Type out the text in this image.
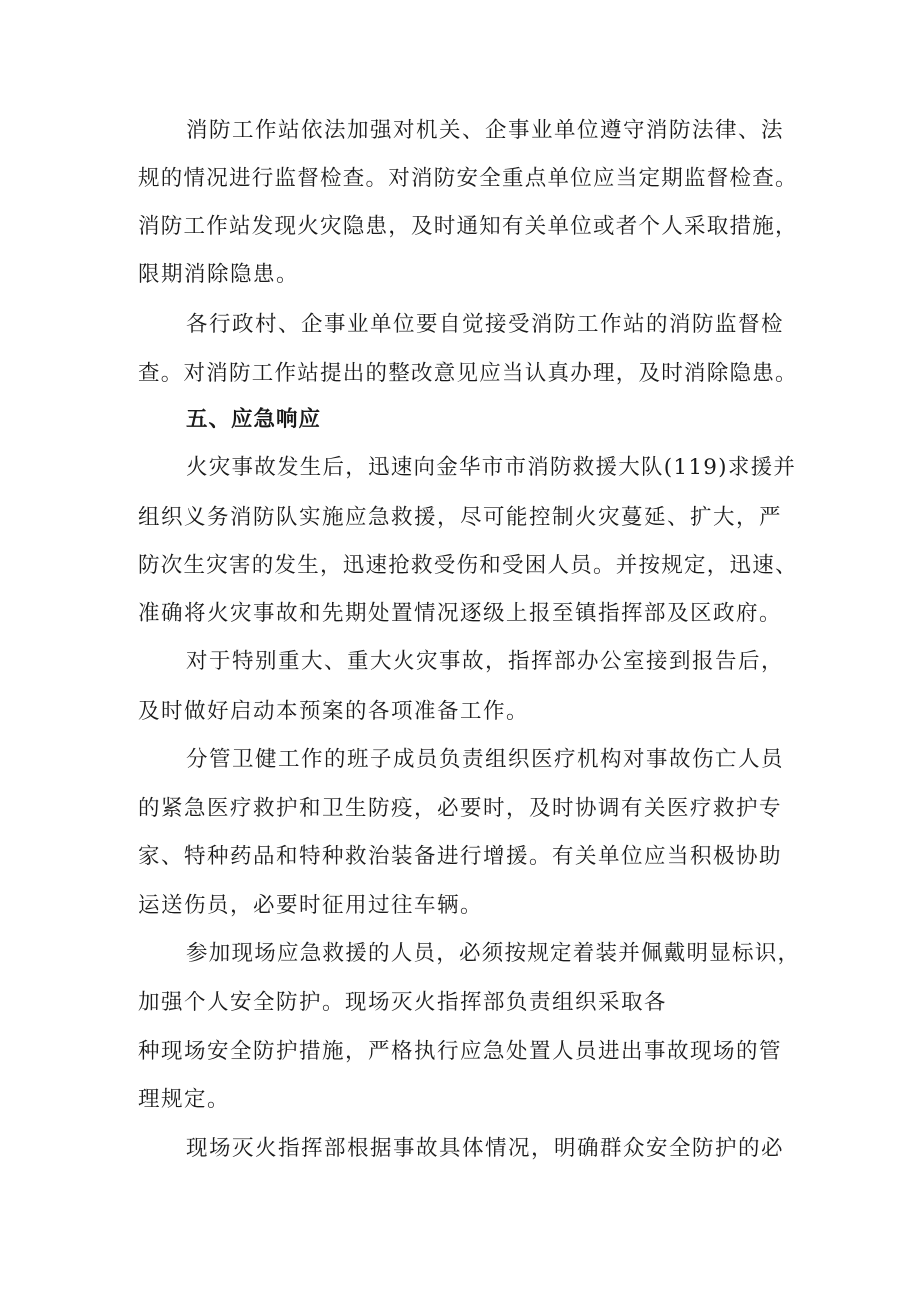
消防工作站依法加强对机关、企事业单位遵守消防法律、法
规的情况进行监督检查。对消防安全重点单位应当定期监督检查。
消防工作站发现火灾隐患，及时通知有关单位或者个人采取措施，
限期消除隐患。
各行政村、企事业单位要自觉接受消防工作站的消防监督检
查。对消防工作站提出的整改意见应当认真办理，及时消除隐患。
五、应急响应
火灾事故发生后，迅速向金华市市消防救援大队(119)求援并
组织义务消防队实施应急救援，尽可能控制火灾蔓延、扩大，严
防次生灾害的发生，迅速抢救受伤和受困人员。并按规定，迅速、
准确将火灾事故和先期处置情况逐级上报至镇指挥部及区政府。
对于特别重大、重大火灾事故，指挥部办公室接到报告后，
及时做好启动本预案的各项准备工作。
分管卫健工作的班子成员负责组织医疗机构对事故伤亡人员
的紧急医疗救护和卫生防疫，必要时，及时协调有关医疗救护专
家、特种药品和特种救治装备进行增援。有关单位应当积极协助
运送伤员，必要时征用过往车辆。
参加现场应急救援的人员，必须按规定着装并佩戴明显标识，
加强个人安全防护。现场灭火指挥部负责组织采取各
种现场安全防护措施，严格执行应急处置人员进出事故现场的管
理规定。
现场灭火指挥部根据事故具体情况，明确群众安全防护的必
